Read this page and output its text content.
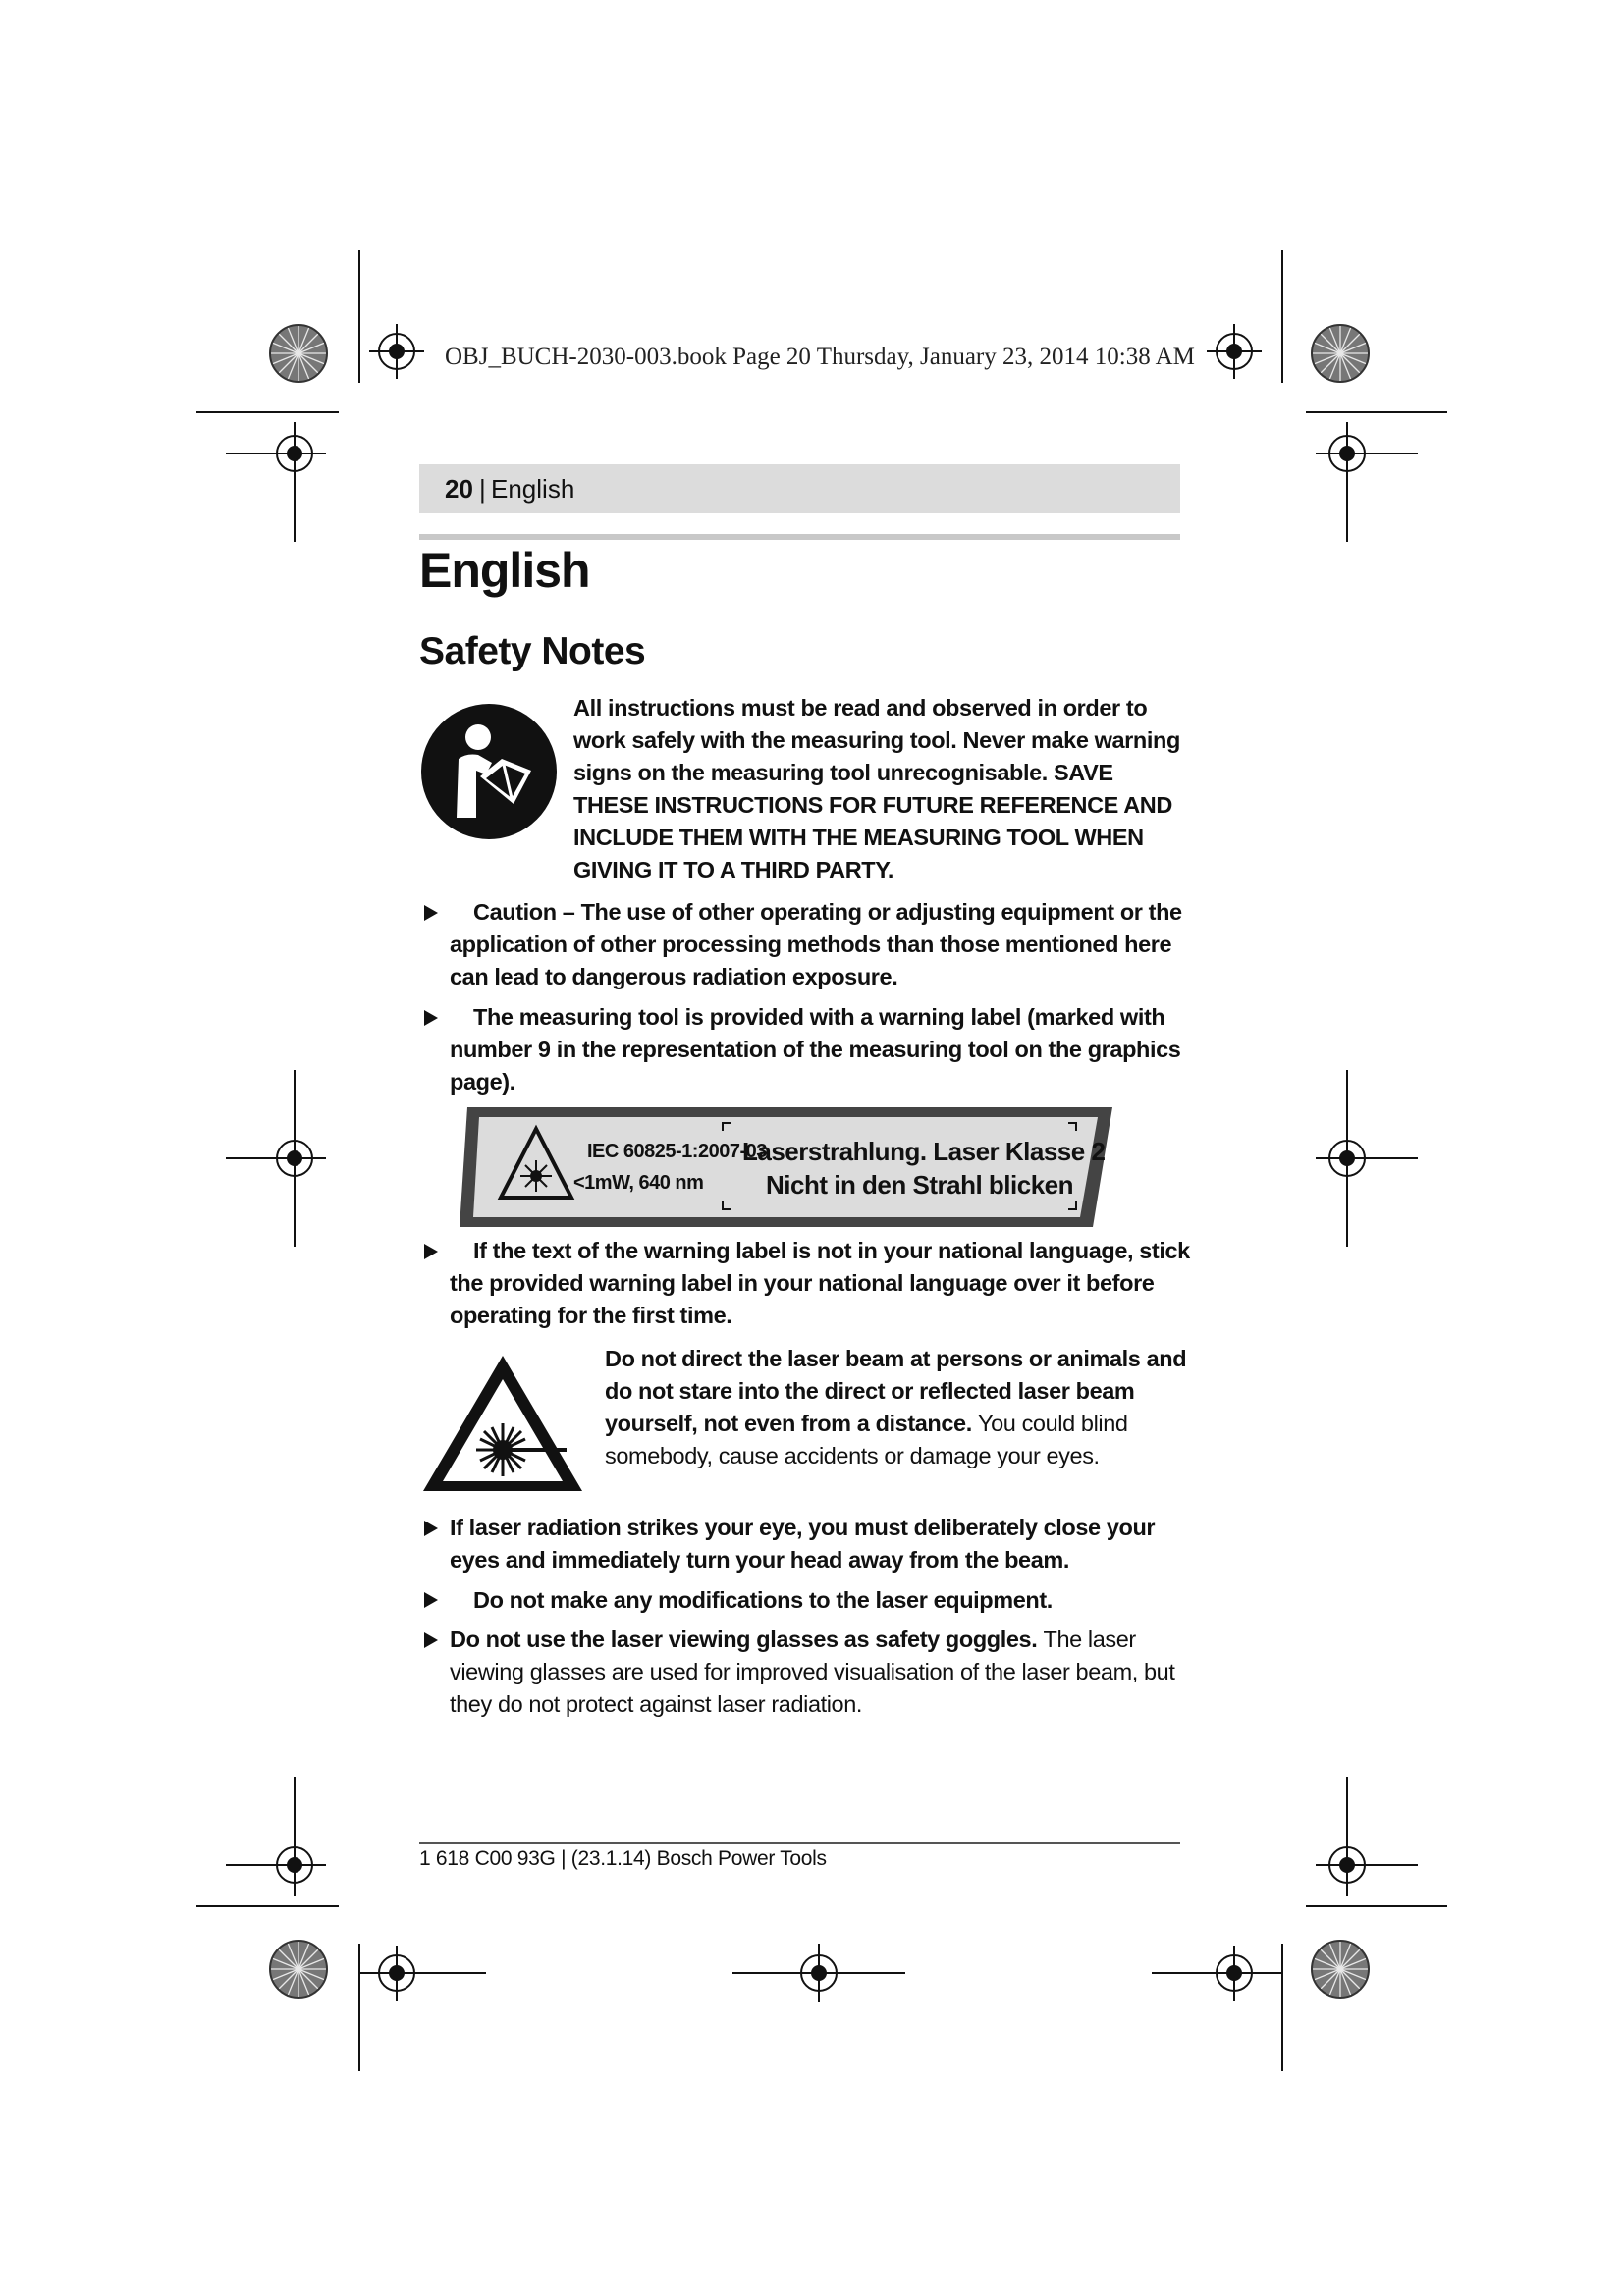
OBJ_BUCH-2030-003.book Page 20 Thursday, January 23, 2014 10:38 AM
20 | English
English
Safety Notes
All instructions must be read and observed in order to work safely with the measuring tool. Never make warning signs on the measuring tool unrecognisable. SAVE THESE INSTRUCTIONS FOR FUTURE REFERENCE AND INCLUDE THEM WITH THE MEASURING TOOL WHEN GIVING IT TO A THIRD PARTY.
Caution – The use of other operating or adjusting equipment or the application of other processing methods than those mentioned here can lead to dangerous radiation exposure.
The measuring tool is provided with a warning label (marked with number 9 in the representation of the measuring tool on the graphics page).
IEC 60825-1:2007-03
<1mW, 640 nm
Laserstrahlung. Laser Klasse 2
Nicht in den Strahl blicken
If the text of the warning label is not in your national language, stick the provided warning label in your national language over it before operating for the first time.
Do not direct the laser beam at persons or animals and do not stare into the direct or reflected laser beam yourself, not even from a distance. You could blind somebody, cause accidents or damage your eyes.
If laser radiation strikes your eye, you must deliberately close your eyes and immediately turn your head away from the beam.
Do not make any modifications to the laser equipment.
Do not use the laser viewing glasses as safety goggles. The laser viewing glasses are used for improved visualisation of the laser beam, but they do not protect against laser radiation.
1 618 C00 93G | (23.1.14) Bosch Power Tools
